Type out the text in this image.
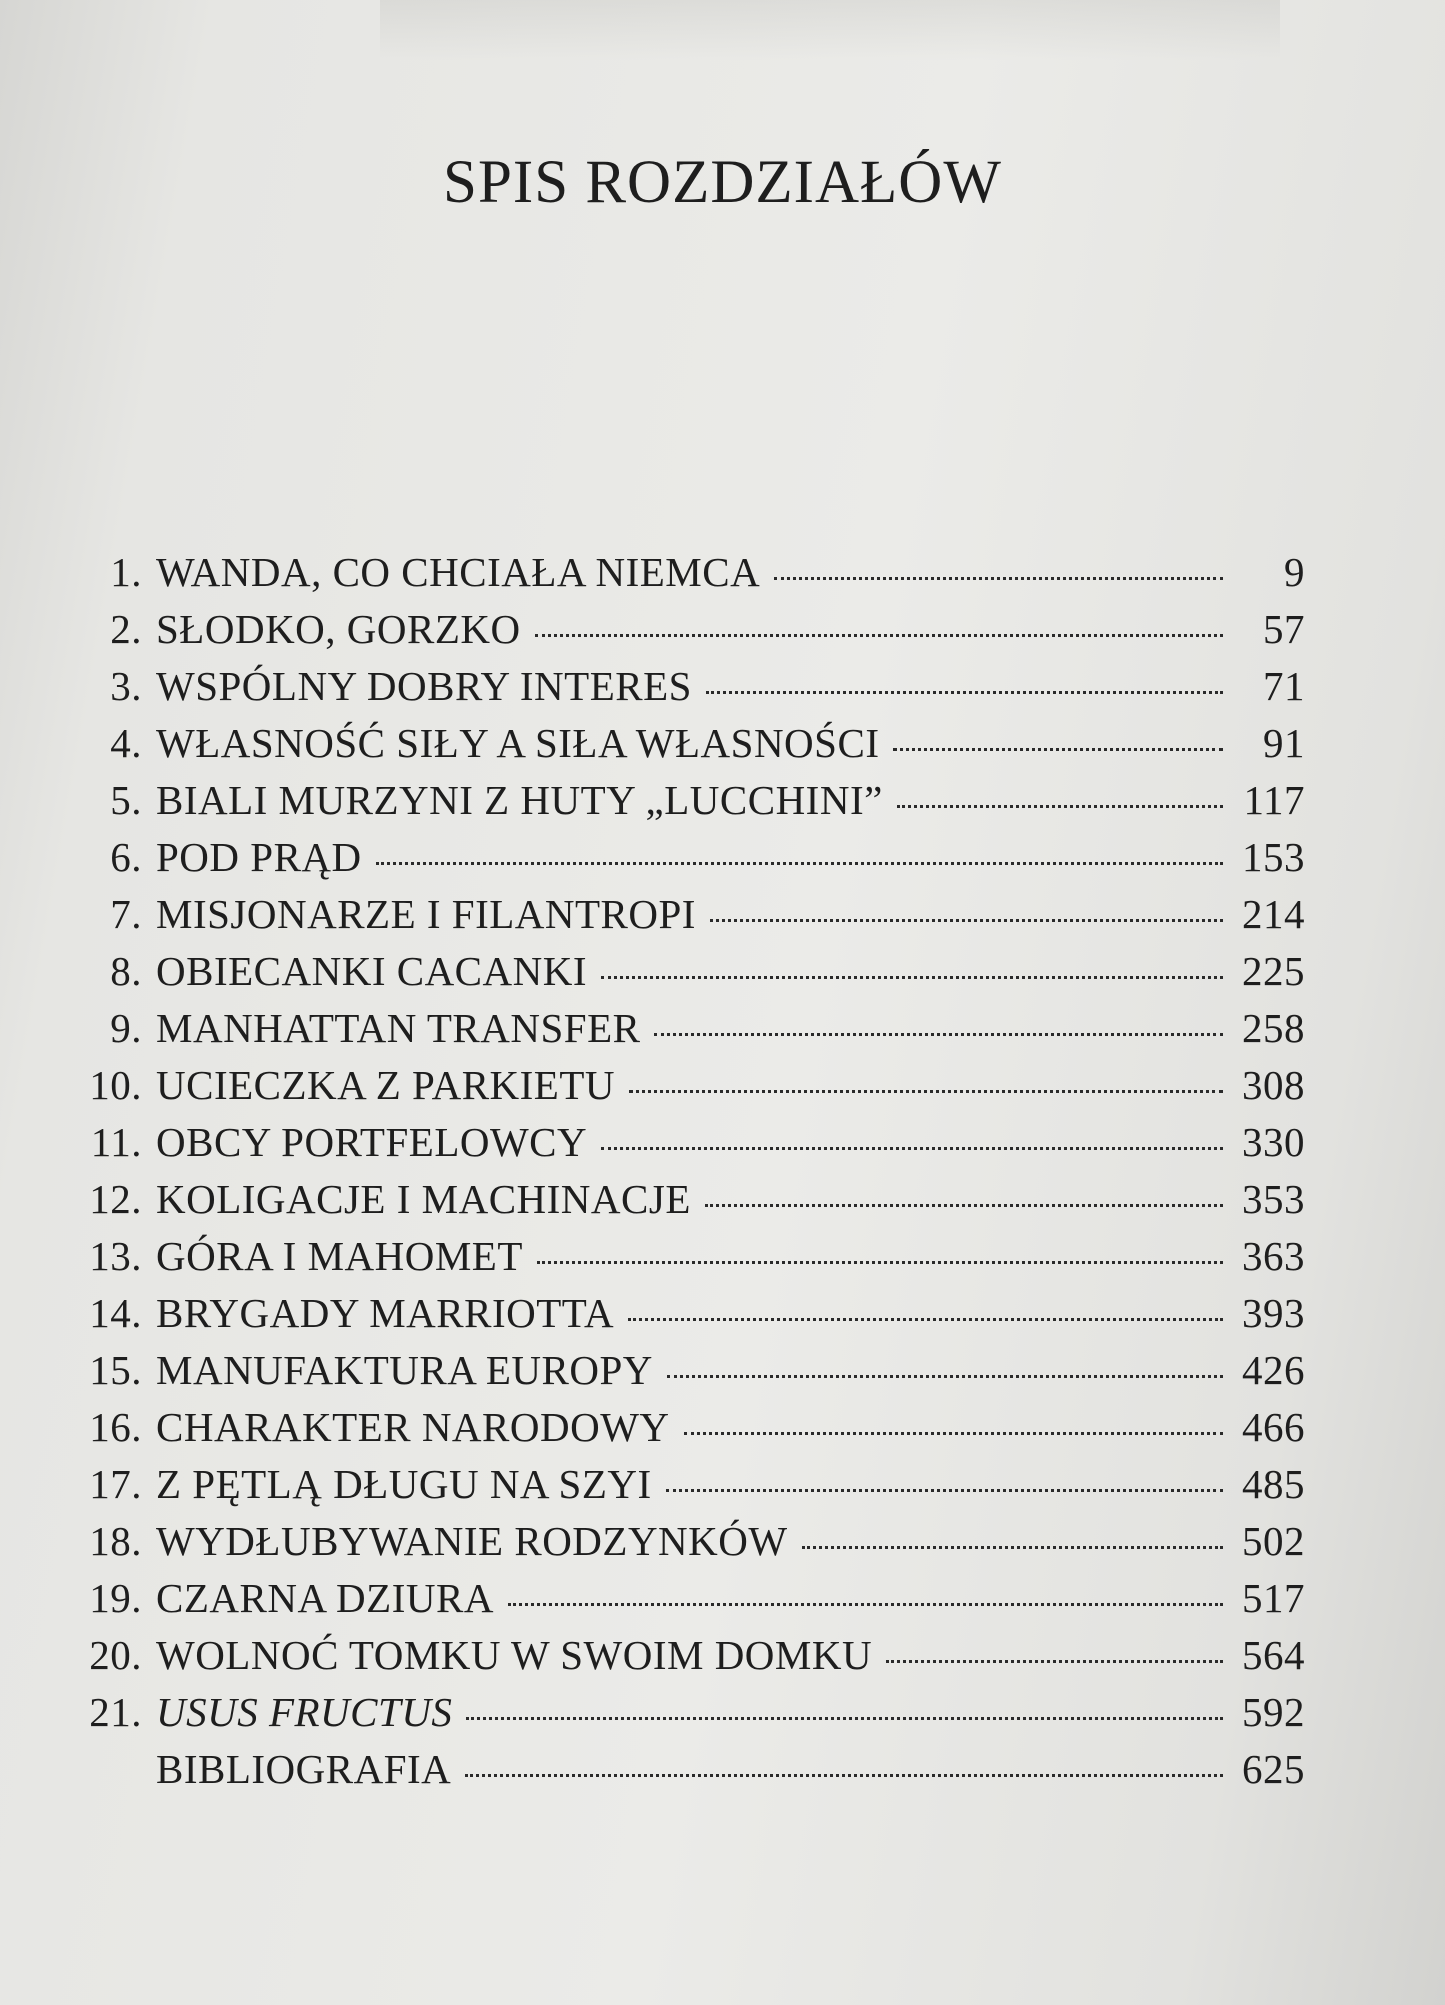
SPIS ROZDZIAŁÓW
1. WANDA, CO CHCIAŁA NIEMCA	9
2. SŁODKO, GORZKO	57
3. WSPÓLNY DOBRY INTERES	71
4. WŁASNOŚĆ SIŁY A SIŁA WŁASNOŚCI	91
5. BIALI MURZYNI Z HUTY „LUCCHINI”	117
6. POD PRĄD	153
7. MISJONARZE I FILANTROPI	214
8. OBIECANKI CACANKI	225
9. MANHATTAN TRANSFER	258
10. UCIECZKA Z PARKIETU	308
11. OBCY PORTFELOWCY	330
12. KOLIGACJE I MACHINACJE	353
13. GÓRA I MAHOMET	363
14. BRYGADY MARRIOTTA	393
15. MANUFAKTURA EUROPY	426
16. CHARAKTER NARODOWY	466
17. Z PĘTLĄ DŁUGU NA SZYI	485
18. WYDŁUBYWANIE RODZYNKÓW	502
19. CZARNA DZIURA	517
20. WOLNOĆ TOMKU W SWOIM DOMKU	564
21. USUS FRUCTUS	592
BIBLIOGRAFIA	625
